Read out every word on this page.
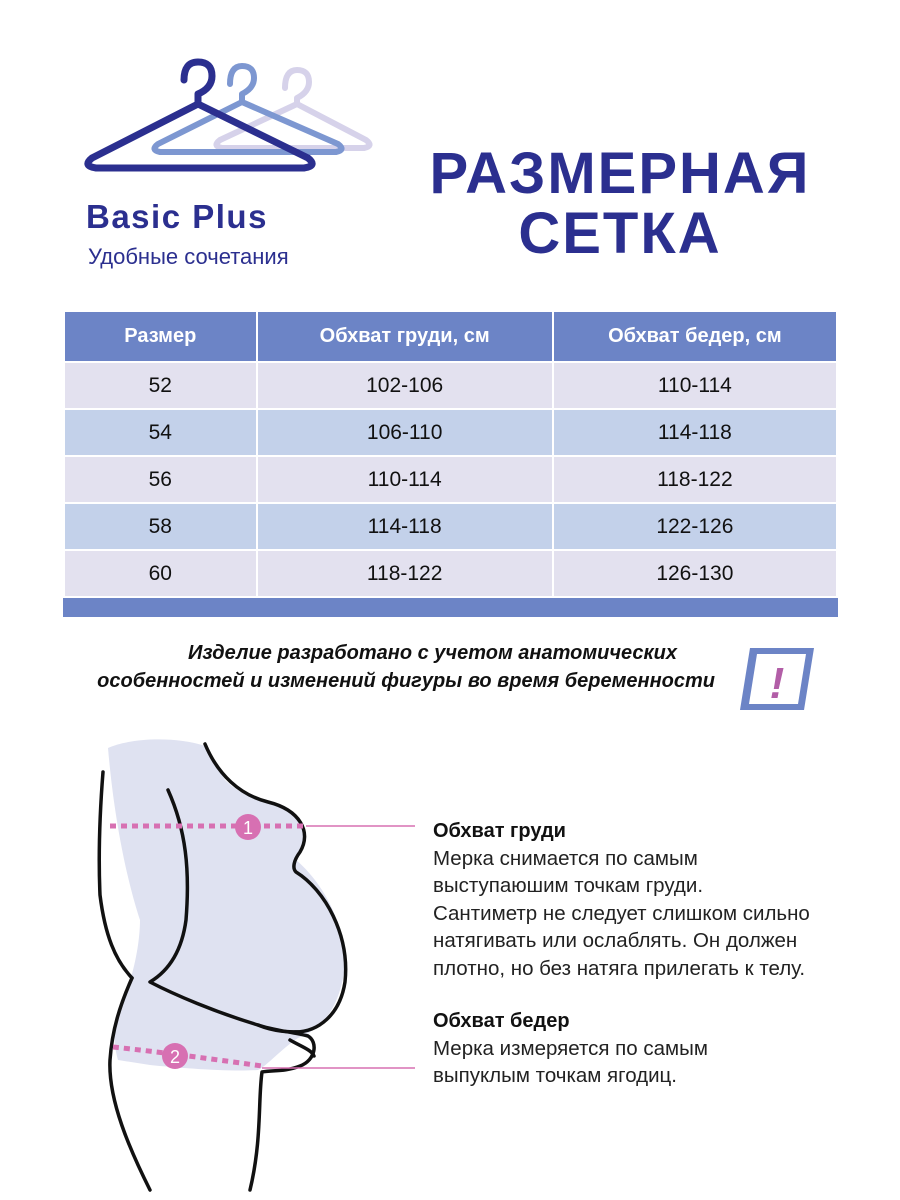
Basic Plus
Удобные сочетания
РАЗМЕРНАЯ
СЕТКА
Размер	Обхват груди, см	Обхват бедер, см
52	102-106	110-114
54	106-110	114-118
56	110-114	118-122
58	114-118	122-126
60	118-122	126-130
Изделие разработано с учетом анатомических
особенностей и изменений фигуры во время беременности !
1
2
Обхват груди
Мерка снимается по самым
выступаюшим точкам груди.
Сантиметр не следует слишком сильно
натягивать или ослаблять. Он должен
плотно, но без натяга прилегать к телу.
Обхват бедер
Мерка измеряется по самым
выпуклым точкам ягодиц.
